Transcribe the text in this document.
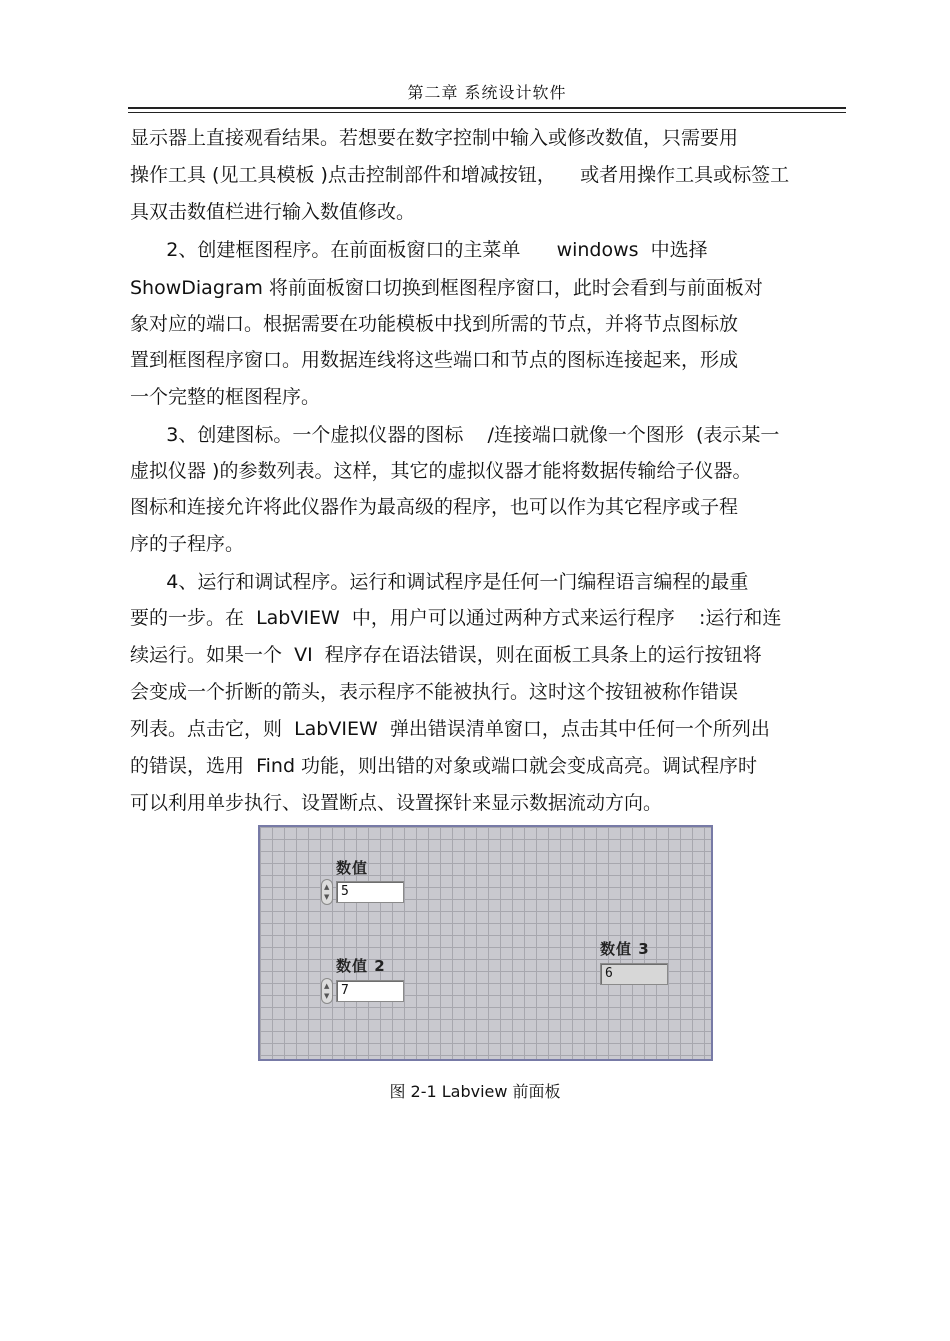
第二章 系统设计软件
显示器上直接观看结果。若想要在数字控制中输入或修改数值，只需要用
操作工具 (见工具模板 )点击控制部件和增减按钮，    或者用操作工具或标签工
具双击数值栏进行输入数值修改。
2、创建框图程序。在前面板窗口的主菜单      windows  中选择
ShowDiagram 将前面板窗口切换到框图程序窗口，此时会看到与前面板对
象对应的端口。根据需要在功能模板中找到所需的节点，并将节点图标放
置到框图程序窗口。用数据连线将这些端口和节点的图标连接起来，形成
一个完整的框图程序。
3、创建图标。一个虚拟仪器的图标    /连接端口就像一个图形  (表示某一
虚拟仪器 )的参数列表。这样，其它的虚拟仪器才能将数据传输给子仪器。
图标和连接允许将此仪器作为最高级的程序，也可以作为其它程序或子程
序的子程序。
4、运行和调试程序。运行和调试程序是任何一门编程语言编程的最重
要的一步。在  LabVIEW  中，用户可以通过两种方式来运行程序    :运行和连
续运行。如果一个  VI  程序存在语法错误，则在面板工具条上的运行按钮将
会变成一个折断的箭头，表示程序不能被执行。这时这个按钮被称作错误
列表。点击它，则  LabVIEW  弹出错误清单窗口，点击其中任何一个所列出
的错误，选用  Find 功能，则出错的对象或端口就会变成高亮。调试程序时
可以利用单步执行、设置断点、设置探针来显示数据流动方向。
数值
▲
▼ 5
数值 2
▲
▼ 7
数值 3
6
图 2-1 Labview 前面板
